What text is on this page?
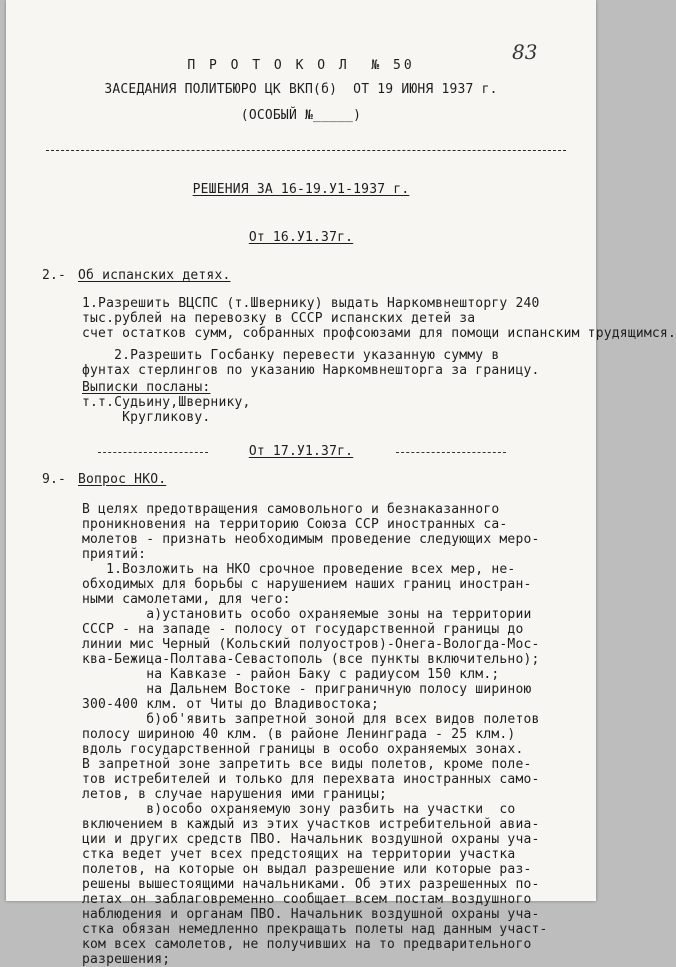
83
П Р О Т О К О Л  № 50
ЗАСЕДАНИЯ ПОЛИТБЮРО ЦК ВКП(б)  ОТ 19 ИЮНЯ 1937 г.
(ОСОБЫЙ №_____)
РЕШЕНИЯ ЗА 16-19.У1-1937 г.
От 16.У1.37г.
2.- Об испанских детях.
1.Разрешить ВЦСПС (т.Швернику) выдать Наркомвнешторгу 240 тыс.рублей на перевозку в СССР испанских детей за
счет остатков сумм, собранных профсоюзами для помощи испанским трудящимся.
2.Разрешить Госбанку перевести указанную сумму в
фунтах стерлингов по указанию Наркомвнешторга за границу.
Выписки посланы:
т.т.Судьину,Швернику,
Кругликову.
От 17.У1.37г.
9.- Вопрос НКО.
В целях предотвращения самовольного и безнаказанного проникновения на территорию Союза ССР иностранных са-
молетов - признать необходимым проведение следующих меро-
приятий:
1.Возложить на НКО срочное проведение всех мер, не-
обходимых для борьбы с нарушением наших границ иностран-
ными самолетами, для чего:
а)установить особо охраняемые зоны на территории
СССР - на западе - полосу от государственной границы до
линии мис Черный (Кольский полуостров)-Онега-Вологда-Мос-
ква-Бежица-Полтава-Севастополь (все пункты включительно);
на Кавказе - район Баку с радиусом 150 клм.;
на Дальнем Востоке - пригpаничную полосу шириною
300-400 клм. от Читы до Владивостока;
б)об'явить запретной зоной для всех видов полетов
полосу шириною 40 клм. (в районе Ленинграда - 25 клм.)
вдоль государственной границы в особо охраняемых зонах.
В запретной зоне запретить все виды полетов, кроме поле-
тов истребителей и только для перехвата иностранных само-
летов, в случае нарушения ими границы;
в)особо охраняемую зону разбить на участки  со
включением в каждый из этих участков истребительной авиа-
ции и других средств ПВО. Начальник воздушной охраны уча-
стка ведет учет всех предстоящих на территории участка
полетов, на которые он выдал разрешение или которые раз-
решены вышестоящими начальниками. Об этих разрешенных по-
летах он заблаговременно сообщает всем постам воздушного
наблюдения и органам ПВО. Начальник воздушной охраны уча-
стка обязан немедленно прекращать полеты над данным участ-
ком всех самолетов, не получивших на то предварительного
разрешения;
